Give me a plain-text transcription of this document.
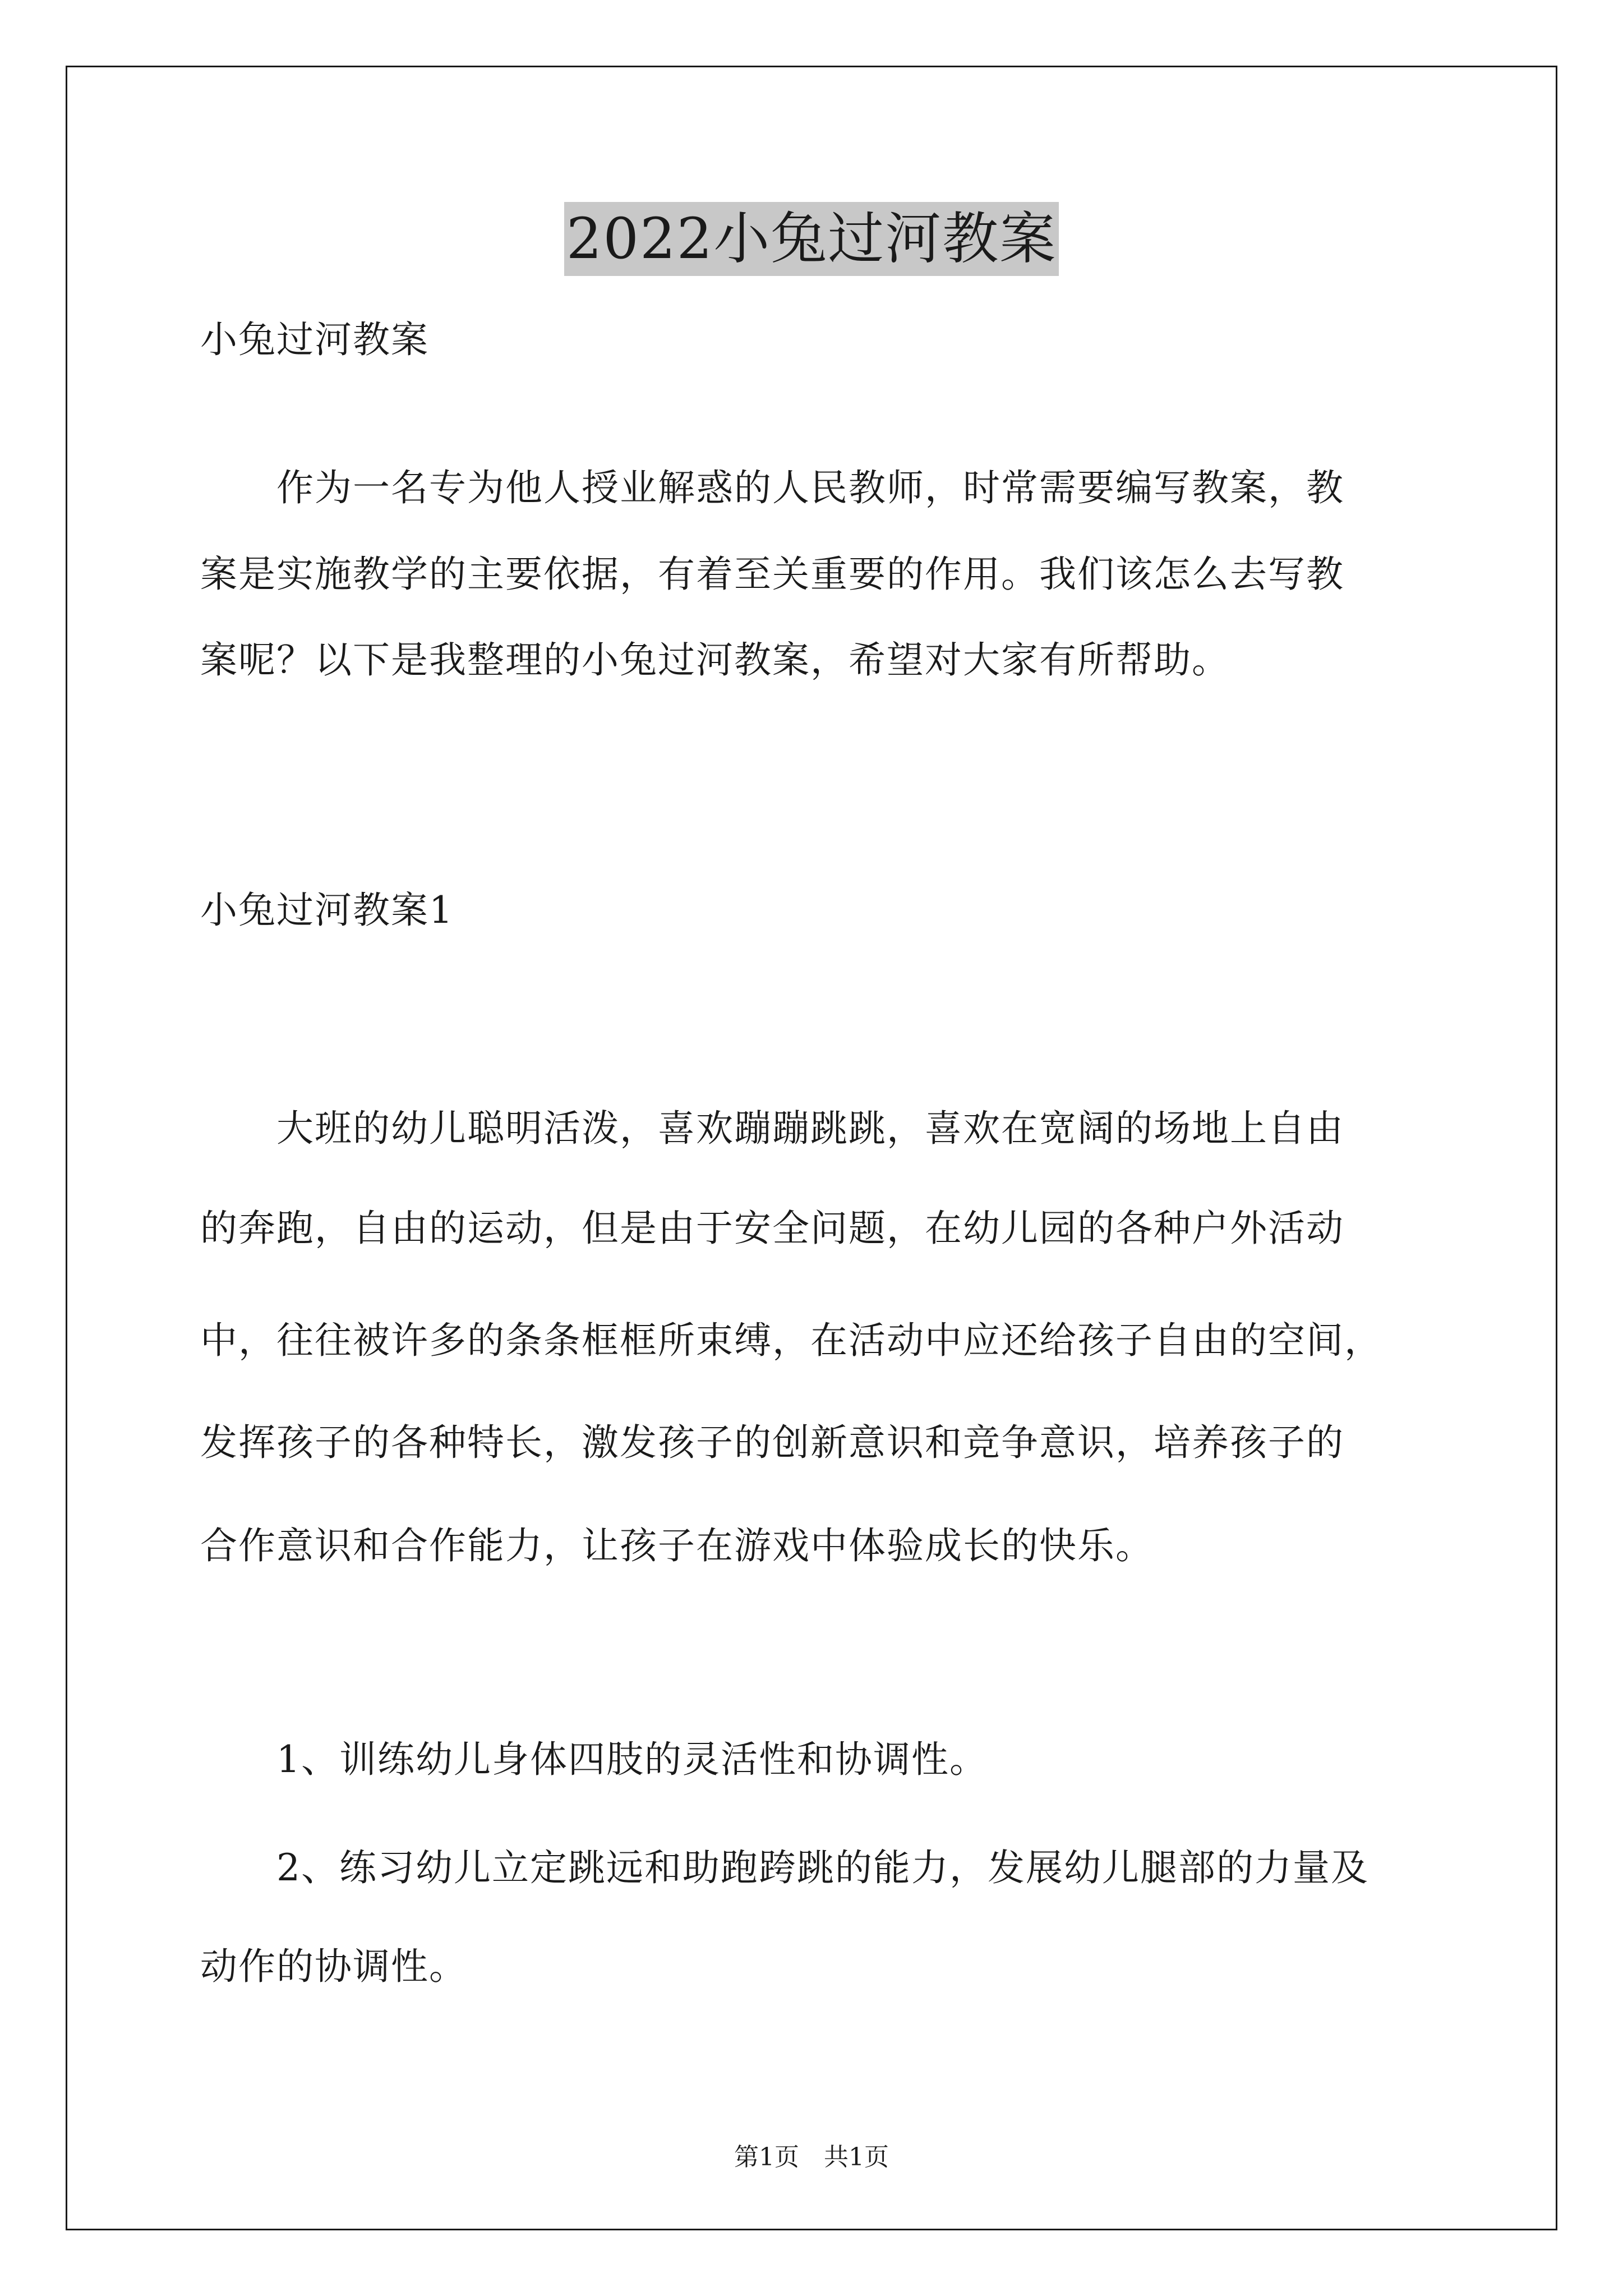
2022小兔过河教案
小兔过河教案
　　作为一名专为他人授业解惑的人民教师，时常需要编写教案，教
案是实施教学的主要依据，有着至关重要的作用。我们该怎么去写教
案呢？以下是我整理的小兔过河教案，希望对大家有所帮助。
小兔过河教案1
　　大班的幼儿聪明活泼，喜欢蹦蹦跳跳，喜欢在宽阔的场地上自由
的奔跑，自由的运动，但是由于安全问题，在幼儿园的各种户外活动
中，往往被许多的条条框框所束缚，在活动中应还给孩子自由的空间，
发挥孩子的各种特长，激发孩子的创新意识和竞争意识，培养孩子的
合作意识和合作能力，让孩子在游戏中体验成长的快乐。
　　1、训练幼儿身体四肢的灵活性和协调性。
　　2、练习幼儿立定跳远和助跑跨跳的能力，发展幼儿腿部的力量及
动作的协调性。
第1页　共1页
